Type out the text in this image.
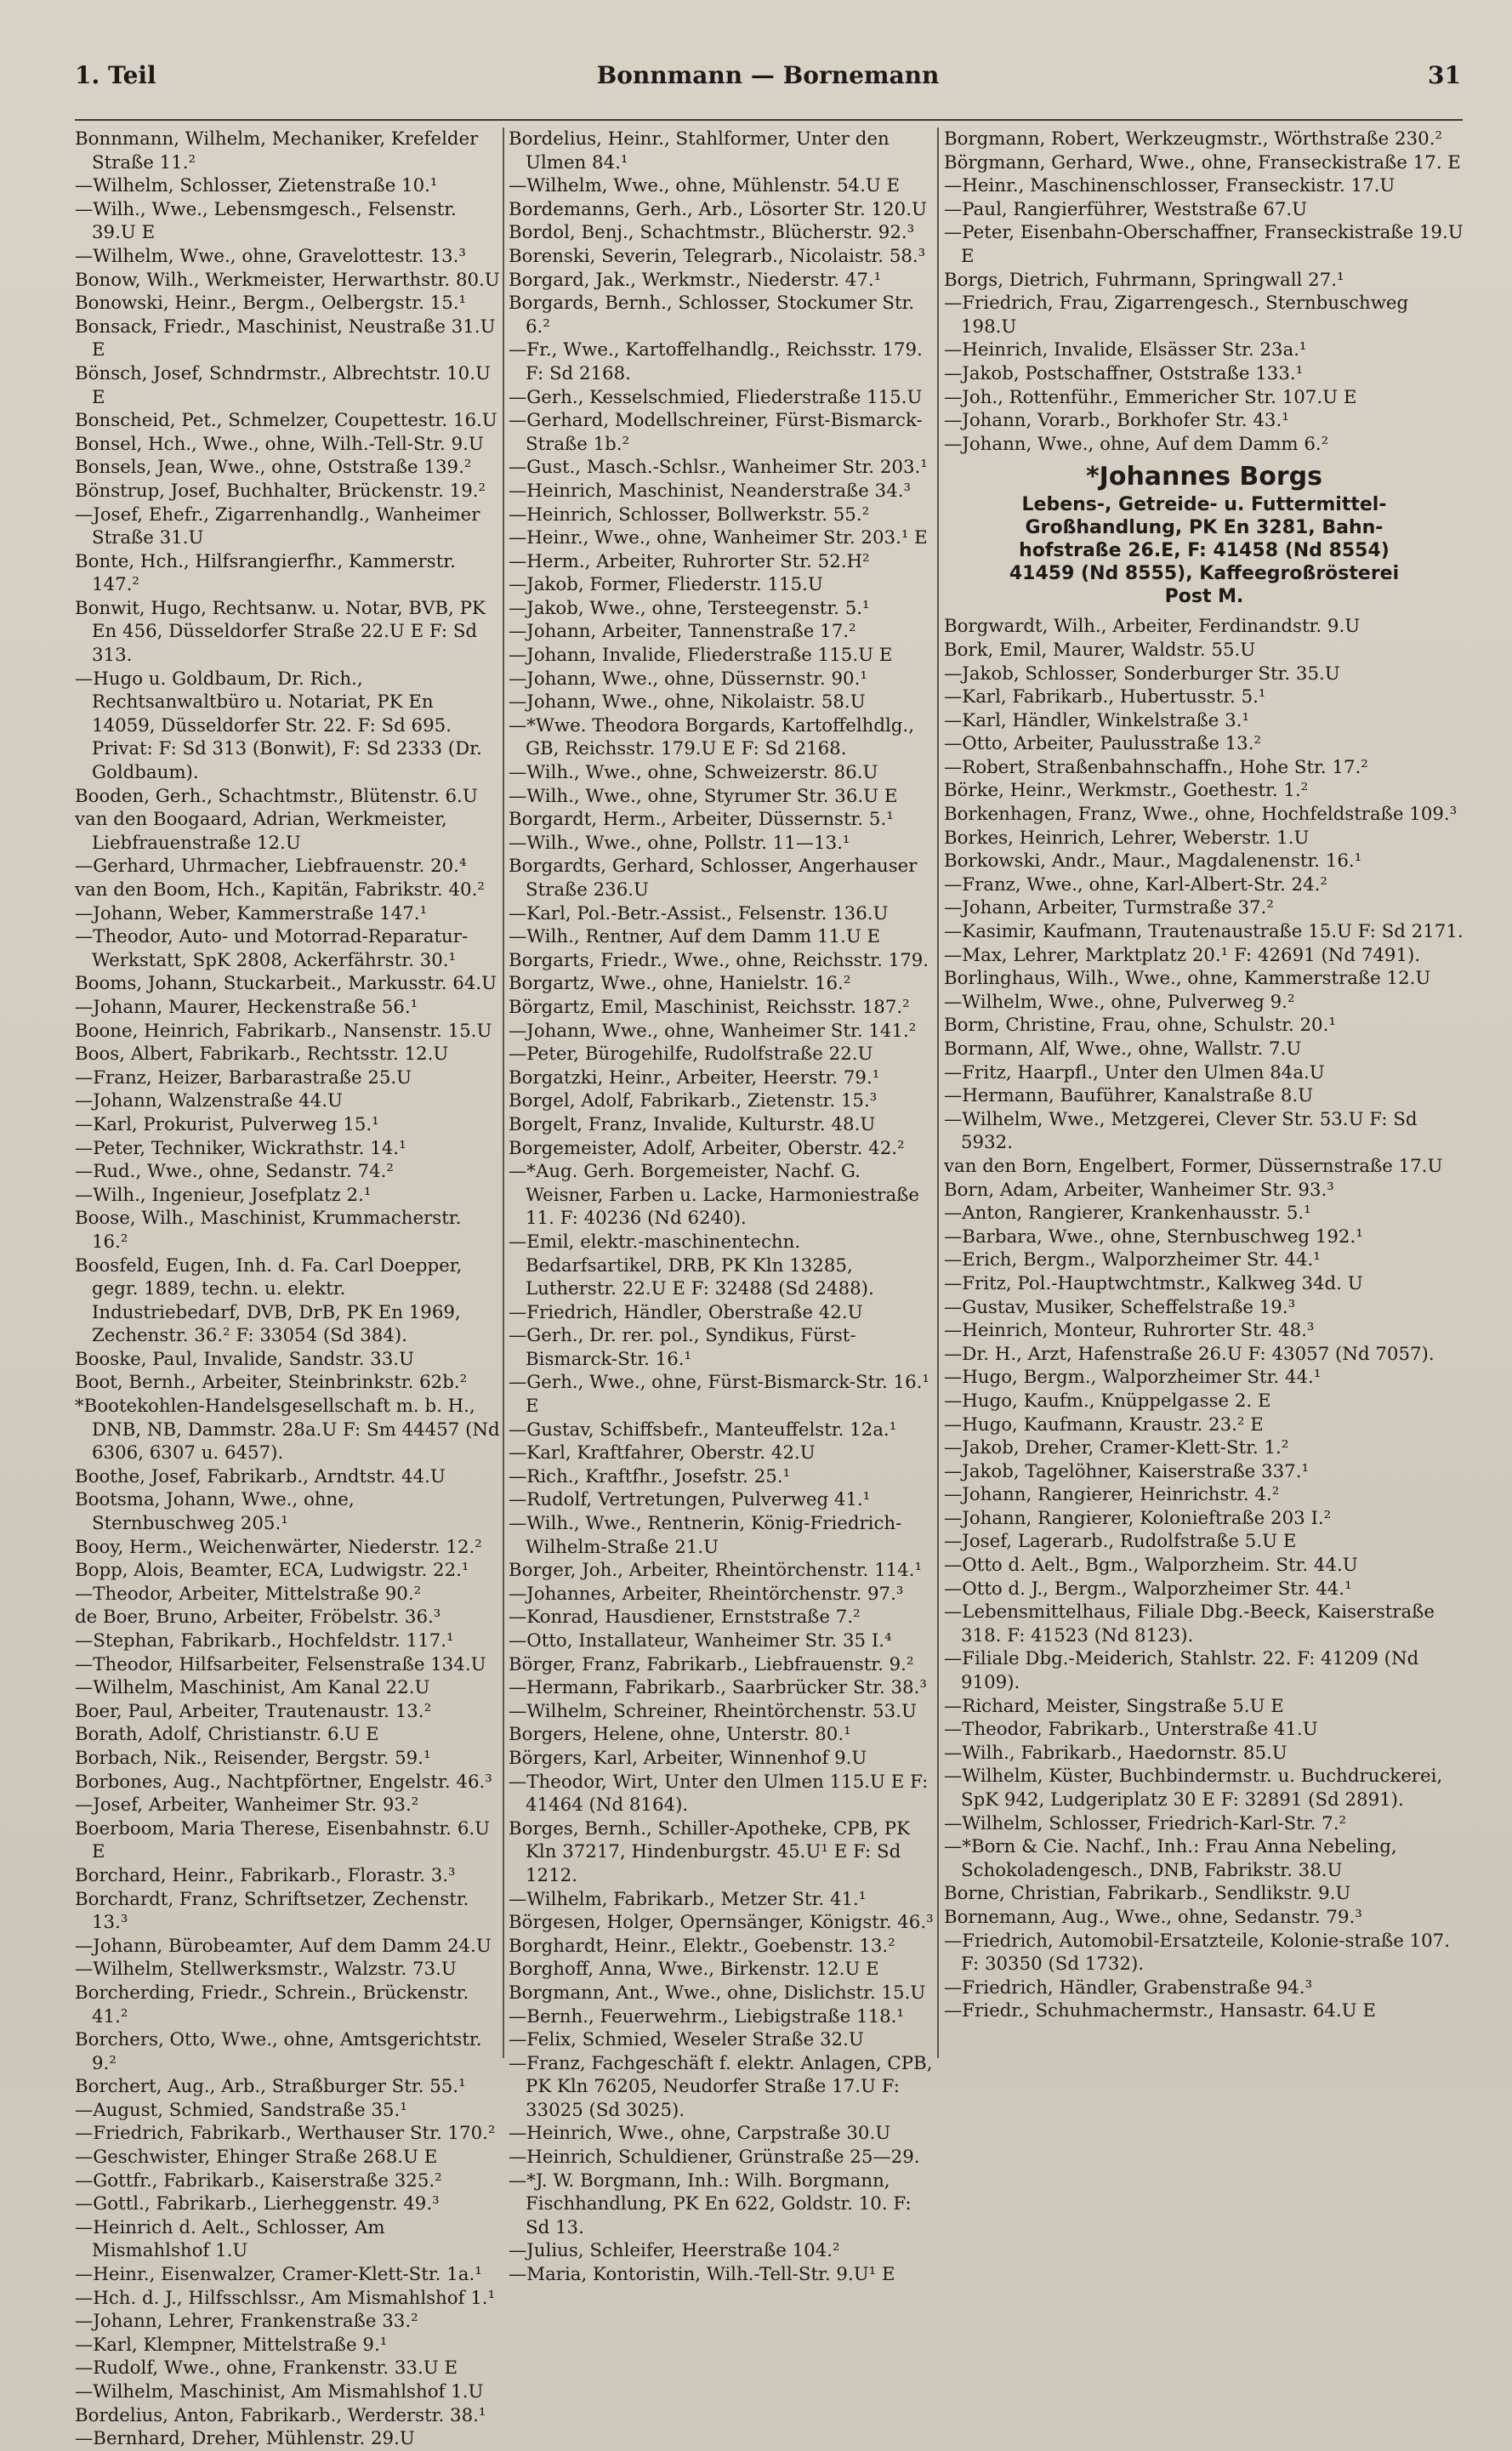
1. Teil	Bonnmann — Bornemann	31
Bonnmann, Wilhelm, Mechaniker, Krefelder Straße 11.²
—Wilhelm, Schlosser, Zietenstraße 10.¹
—Wilh., Wwe., Lebensmgesch., Felsenstr. 39.U E
—Wilhelm, Wwe., ohne, Gravelottestr. 13.³
Bonow, Wilh., Werkmeister, Herwarthstr. 80.U
Bonowski, Heinr., Bergm., Oelbergstr. 15.¹
Bonsack, Friedr., Maschinist, Neustraße 31.U E
Bönsch, Josef, Schndrmstr., Albrechtstr. 10.U E
Bonscheid, Pet., Schmelzer, Coupettestr. 16.U
Bonsel, Hch., Wwe., ohne, Wilh.-Tell-Str. 9.U
Bonsels, Jean, Wwe., ohne, Oststraße 139.²
Bönstrup, Josef, Buchhalter, Brückenstr. 19.²
—Josef, Ehefr., Zigarrenhandlg., Wanheimer Straße 31.U
Bonte, Hch., Hilfsrangierfhr., Kammerstr. 147.²
Bonwit, Hugo, Rechtsanw. u. Notar, BVB, PK En 456, Düsseldorfer Straße 22.U E F: Sd 313.
—Hugo u. Goldbaum, Dr. Rich., Rechtsanwaltbüro u. Notariat, PK En 14059, Düsseldorfer Str. 22. F: Sd 695. Privat: F: Sd 313 (Bonwit), F: Sd 2333 (Dr. Goldbaum).
Booden, Gerh., Schachtmstr., Blütenstr. 6.U
van den Boogaard, Adrian, Werkmeister, Liebfrauenstraße 12.U
—Gerhard, Uhrmacher, Liebfrauenstr. 20.⁴
van den Boom, Hch., Kapitän, Fabrikstr. 40.²
—Johann, Weber, Kammerstraße 147.¹
—Theodor, Auto- und Motorrad-Reparatur-Werkstatt, SpK 2808, Ackerfährstr. 30.¹
Booms, Johann, Stuckarbeit., Markusstr. 64.U
—Johann, Maurer, Heckenstraße 56.¹
Boone, Heinrich, Fabrikarb., Nansenstr. 15.U
Boos, Albert, Fabrikarb., Rechtsstr. 12.U
—Franz, Heizer, Barbarastraße 25.U
—Johann, Walzenstraße 44.U
—Karl, Prokurist, Pulverweg 15.¹
—Peter, Techniker, Wickrathstr. 14.¹
—Rud., Wwe., ohne, Sedanstr. 74.²
—Wilh., Ingenieur, Josefplatz 2.¹
Boose, Wilh., Maschinist, Krummacherstr. 16.²
Boosfeld, Eugen, Inh. d. Fa. Carl Doepper, gegr. 1889, techn. u. elektr. Industriebedarf, DVB, DrB, PK En 1969, Zechenstr. 36.² F: 33054 (Sd 384).
Booske, Paul, Invalide, Sandstr. 33.U
Boot, Bernh., Arbeiter, Steinbrinkstr. 62b.²
*Bootekohlen-Handelsgesellschaft m. b. H., DNB, NB, Dammstr. 28a.U F: Sm 44457 (Nd 6306, 6307 u. 6457).
Boothe, Josef, Fabrikarb., Arndtstr. 44.U
Bootsma, Johann, Wwe., ohne, Sternbuschweg 205.¹
Booy, Herm., Weichenwärter, Niederstr. 12.²
Bopp, Alois, Beamter, ECA, Ludwigstr. 22.¹
—Theodor, Arbeiter, Mittelstraße 90.²
de Boer, Bruno, Arbeiter, Fröbelstr. 36.³
—Stephan, Fabrikarb., Hochfeldstr. 117.¹
—Theodor, Hilfsarbeiter, Felsenstraße 134.U
—Wilhelm, Maschinist, Am Kanal 22.U
Boer, Paul, Arbeiter, Trautenaustr. 13.²
Borath, Adolf, Christianstr. 6.U E
Borbach, Nik., Reisender, Bergstr. 59.¹
Borbones, Aug., Nachtpförtner, Engelstr. 46.³
—Josef, Arbeiter, Wanheimer Str. 93.²
Boerboom, Maria Therese, Eisenbahnstr. 6.U E
Borchard, Heinr., Fabrikarb., Florastr. 3.³
Borchardt, Franz, Schriftsetzer, Zechenstr. 13.³
—Johann, Bürobeamter, Auf dem Damm 24.U
—Wilhelm, Stellwerksmstr., Walzstr. 73.U
Borcherding, Friedr., Schrein., Brückenstr. 41.²
Borchers, Otto, Wwe., ohne, Amtsgerichtstr. 9.²
Borchert, Aug., Arb., Straßburger Str. 55.¹
—August, Schmied, Sandstraße 35.¹
—Friedrich, Fabrikarb., Werthauser Str. 170.²
—Geschwister, Ehinger Straße 268.U E
—Gottfr., Fabrikarb., Kaiserstraße 325.²
—Gottl., Fabrikarb., Lierheggenstr. 49.³
—Heinrich d. Aelt., Schlosser, Am Mismahlshof 1.U
—Heinr., Eisenwalzer, Cramer-Klett-Str. 1a.¹
—Hch. d. J., Hilfsschlssr., Am Mismahlshof 1.¹
—Johann, Lehrer, Frankenstraße 33.²
—Karl, Klempner, Mittelstraße 9.¹
—Rudolf, Wwe., ohne, Frankenstr. 33.U E
—Wilhelm, Maschinist, Am Mismahlshof 1.U
Bordelius, Anton, Fabrikarb., Werderstr. 38.¹
—Bernhard, Dreher, Mühlenstr. 29.U
Bordelius, Heinr., Stahlformer, Unter den Ulmen 84.¹
—Wilhelm, Wwe., ohne, Mühlenstr. 54.U E
Bordemanns, Gerh., Arb., Lösorter Str. 120.U
Bordol, Benj., Schachtmstr., Blücherstr. 92.³
Borenski, Severin, Telegrarb., Nicolaistr. 58.³
Borgard, Jak., Werkmstr., Niederstr. 47.¹
Borgards, Bernh., Schlosser, Stockumer Str. 6.²
—Fr., Wwe., Kartoffelhandlg., Reichsstr. 179. F: Sd 2168.
—Gerh., Kesselschmied, Fliederstraße 115.U
—Gerhard, Modellschreiner, Fürst-Bismarck-Straße 1b.²
—Gust., Masch.-Schlsr., Wanheimer Str. 203.¹
—Heinrich, Maschinist, Neanderstraße 34.³
—Heinrich, Schlosser, Bollwerkstr. 55.²
—Heinr., Wwe., ohne, Wanheimer Str. 203.¹ E
—Herm., Arbeiter, Ruhrorter Str. 52.H²
—Jakob, Former, Fliederstr. 115.U
—Jakob, Wwe., ohne, Tersteegenstr. 5.¹
—Johann, Arbeiter, Tannenstraße 17.²
—Johann, Invalide, Fliederstraße 115.U E
—Johann, Wwe., ohne, Düssernstr. 90.¹
—Johann, Wwe., ohne, Nikolaistr. 58.U
—*Wwe. Theodora Borgards, Kartoffelhdlg., GB, Reichsstr. 179.U E F: Sd 2168.
—Wilh., Wwe., ohne, Schweizerstr. 86.U
—Wilh., Wwe., ohne, Styrumer Str. 36.U E
Borgardt, Herm., Arbeiter, Düssernstr. 5.¹
—Wilh., Wwe., ohne, Pollstr. 11—13.¹
Borgardts, Gerhard, Schlosser, Angerhauser Straße 236.U
—Karl, Pol.-Betr.-Assist., Felsenstr. 136.U
—Wilh., Rentner, Auf dem Damm 11.U E
Borgarts, Friedr., Wwe., ohne, Reichsstr. 179.
Borgartz, Wwe., ohne, Hanielstr. 16.²
Börgartz, Emil, Maschinist, Reichsstr. 187.²
—Johann, Wwe., ohne, Wanheimer Str. 141.²
—Peter, Bürogehilfe, Rudolfstraße 22.U
Borgatzki, Heinr., Arbeiter, Heerstr. 79.¹
Borgel, Adolf, Fabrikarb., Zietenstr. 15.³
Borgelt, Franz, Invalide, Kulturstr. 48.U
Borgemeister, Adolf, Arbeiter, Oberstr. 42.²
—*Aug. Gerh. Borgemeister, Nachf. G. Weisner, Farben u. Lacke, Harmoniestraße 11. F: 40236 (Nd 6240).
—Emil, elektr.-maschinentechn. Bedarfsartikel, DRB, PK Kln 13285, Lutherstr. 22.U E F: 32488 (Sd 2488).
—Friedrich, Händler, Oberstraße 42.U
—Gerh., Dr. rer. pol., Syndikus, Fürst-Bismarck-Str. 16.¹
—Gerh., Wwe., ohne, Fürst-Bismarck-Str. 16.¹ E
—Gustav, Schiffsbefr., Manteuffelstr. 12a.¹
—Karl, Kraftfahrer, Oberstr. 42.U
—Rich., Kraftfhr., Josefstr. 25.¹
—Rudolf, Vertretungen, Pulverweg 41.¹
—Wilh., Wwe., Rentnerin, König-Friedrich-Wilhelm-Straße 21.U
Borger, Joh., Arbeiter, Rheintörchenstr. 114.¹
—Johannes, Arbeiter, Rheintörchenstr. 97.³
—Konrad, Hausdiener, Ernststraße 7.²
—Otto, Installateur, Wanheimer Str. 35 I.⁴
Börger, Franz, Fabrikarb., Liebfrauenstr. 9.²
—Hermann, Fabrikarb., Saarbrücker Str. 38.³
—Wilhelm, Schreiner, Rheintörchenstr. 53.U
Borgers, Helene, ohne, Unterstr. 80.¹
Börgers, Karl, Arbeiter, Winnenhof 9.U
—Theodor, Wirt, Unter den Ulmen 115.U E F: 41464 (Nd 8164).
Borges, Bernh., Schiller-Apotheke, CPB, PK Kln 37217, Hindenburgstr. 45.U¹ E F: Sd 1212.
—Wilhelm, Fabrikarb., Metzer Str. 41.¹
Börgesen, Holger, Opernsänger, Königstr. 46.³
Borghardt, Heinr., Elektr., Goebenstr. 13.²
Borghoff, Anna, Wwe., Birkenstr. 12.U E
Borgmann, Ant., Wwe., ohne, Dislichstr. 15.U
—Bernh., Feuerwehrm., Liebigstraße 118.¹
—Felix, Schmied, Weseler Straße 32.U
—Franz, Fachgeschäft f. elektr. Anlagen, CPB, PK Kln 76205, Neudorfer Straße 17.U F: 33025 (Sd 3025).
—Heinrich, Wwe., ohne, Carpstraße 30.U
—Heinrich, Schuldiener, Grünstraße 25—29.
—*J. W. Borgmann, Inh.: Wilh. Borgmann, Fischhandlung, PK En 622, Goldstr. 10. F: Sd 13.
—Julius, Schleifer, Heerstraße 104.²
—Maria, Kontoristin, Wilh.-Tell-Str. 9.U¹ E
Borgmann, Robert, Werkzeugmstr., Wörthstraße 230.²
Börgmann, Gerhard, Wwe., ohne, Franseckistraße 17. E
—Heinr., Maschinenschlosser, Franseckistr. 17.U
—Paul, Rangierführer, Weststraße 67.U
—Peter, Eisenbahn-Oberschaffner, Franseckistraße 19.U E
Borgs, Dietrich, Fuhrmann, Springwall 27.¹
—Friedrich, Frau, Zigarrengesch., Sternbuschweg 198.U
—Heinrich, Invalide, Elsässer Str. 23a.¹
—Jakob, Postschaffner, Oststraße 133.¹
—Joh., Rottenführ., Emmericher Str. 107.U E
—Johann, Vorarb., Borkhofer Str. 43.¹
—Johann, Wwe., ohne, Auf dem Damm 6.²
*Johannes Borgs
Lebens-, Getreide- u. Futtermittel-
Großhandlung, PK En 3281, Bahn-
hofstraße 26.E, F: 41458 (Nd 8554)
41459 (Nd 8555), Kaffeegroßrösterei
Post M.
Borgwardt, Wilh., Arbeiter, Ferdinandstr. 9.U
Bork, Emil, Maurer, Waldstr. 55.U
—Jakob, Schlosser, Sonderburger Str. 35.U
—Karl, Fabrikarb., Hubertusstr. 5.¹
—Karl, Händler, Winkelstraße 3.¹
—Otto, Arbeiter, Paulusstraße 13.²
—Robert, Straßenbahnschaffn., Hohe Str. 17.²
Börke, Heinr., Werkmstr., Goethestr. 1.²
Borkenhagen, Franz, Wwe., ohne, Hochfeldstraße 109.³
Borkes, Heinrich, Lehrer, Weberstr. 1.U
Borkowski, Andr., Maur., Magdalenenstr. 16.¹
—Franz, Wwe., ohne, Karl-Albert-Str. 24.²
—Johann, Arbeiter, Turmstraße 37.²
—Kasimir, Kaufmann, Trautenaustraße 15.U F: Sd 2171.
—Max, Lehrer, Marktplatz 20.¹ F: 42691 (Nd 7491).
Borlinghaus, Wilh., Wwe., ohne, Kammerstraße 12.U
—Wilhelm, Wwe., ohne, Pulverweg 9.²
Borm, Christine, Frau, ohne, Schulstr. 20.¹
Bormann, Alf, Wwe., ohne, Wallstr. 7.U
—Fritz, Haarpfl., Unter den Ulmen 84a.U
—Hermann, Bauführer, Kanalstraße 8.U
—Wilhelm, Wwe., Metzgerei, Clever Str. 53.U F: Sd 5932.
van den Born, Engelbert, Former, Düssernstraße 17.U
Born, Adam, Arbeiter, Wanheimer Str. 93.³
—Anton, Rangierer, Krankenhausstr. 5.¹
—Barbara, Wwe., ohne, Sternbuschweg 192.¹
—Erich, Bergm., Walporzheimer Str. 44.¹
—Fritz, Pol.-Hauptwchtmstr., Kalkweg 34d. U
—Gustav, Musiker, Scheffelstraße 19.³
—Heinrich, Monteur, Ruhrorter Str. 48.³
—Dr. H., Arzt, Hafenstraße 26.U F: 43057 (Nd 7057).
—Hugo, Bergm., Walporzheimer Str. 44.¹
—Hugo, Kaufm., Knüppelgasse 2. E
—Hugo, Kaufmann, Kraustr. 23.² E
—Jakob, Dreher, Cramer-Klett-Str. 1.²
—Jakob, Tagelöhner, Kaiserstraße 337.¹
—Johann, Rangierer, Heinrichstr. 4.²
—Johann, Rangierer, Kolonieftraße 203 I.²
—Josef, Lagerarb., Rudolfstraße 5.U E
—Otto d. Aelt., Bgm., Walporzheim. Str. 44.U
—Otto d. J., Bergm., Walporzheimer Str. 44.¹
—Lebensmittelhaus, Filiale Dbg.-Beeck, Kaiserstraße 318. F: 41523 (Nd 8123).
—Filiale Dbg.-Meiderich, Stahlstr. 22. F: 41209 (Nd 9109).
—Richard, Meister, Singstraße 5.U E
—Theodor, Fabrikarb., Unterstraße 41.U
—Wilh., Fabrikarb., Haedornstr. 85.U
—Wilhelm, Küster, Buchbindermstr. u. Buchdruckerei, SpK 942, Ludgeriplatz 30 E F: 32891 (Sd 2891).
—Wilhelm, Schlosser, Friedrich-Karl-Str. 7.²
—*Born & Cie. Nachf., Inh.: Frau Anna Nebeling, Schokoladengesch., DNB, Fabrikstr. 38.U
Borne, Christian, Fabrikarb., Sendlikstr. 9.U
Bornemann, Aug., Wwe., ohne, Sedanstr. 79.³
—Friedrich, Automobil-Ersatzteile, Kolonie-straße 107. F: 30350 (Sd 1732).
—Friedrich, Händler, Grabenstraße 94.³
—Friedr., Schuhmachermstr., Hansastr. 64.U E
